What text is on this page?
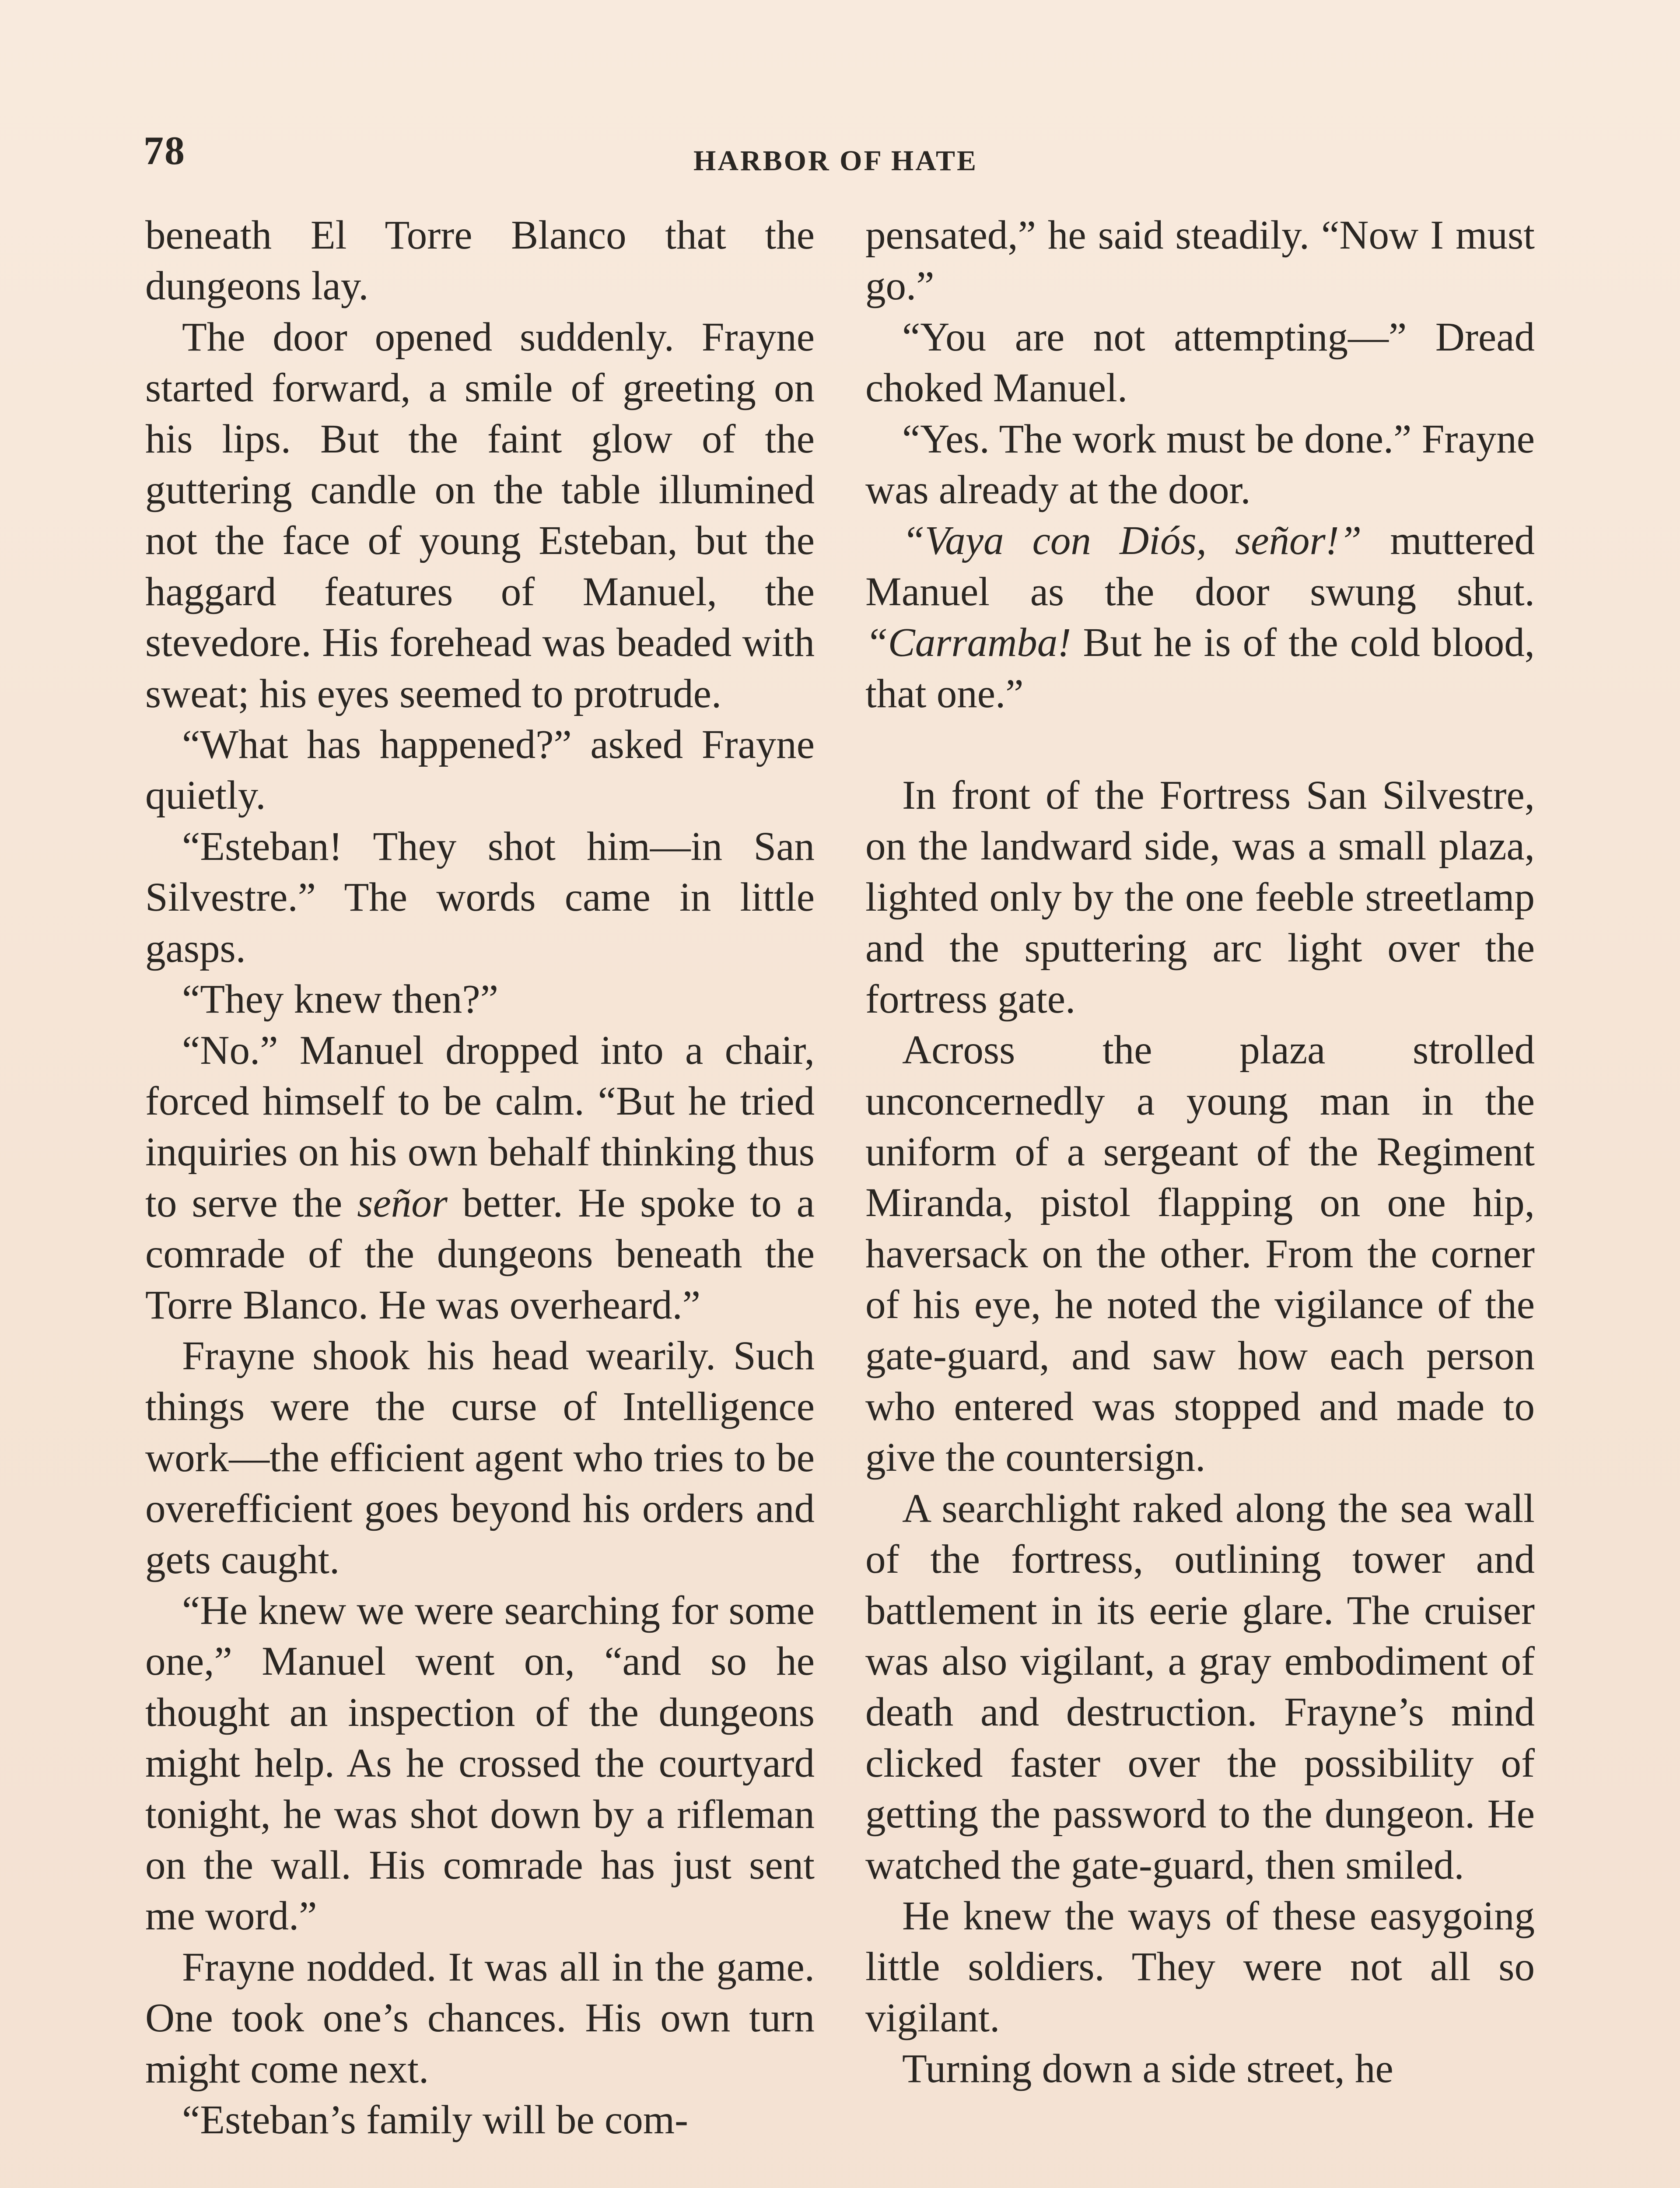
78	HARBOR OF HATE

beneath El Torre Blanco that the dungeons lay.

The door opened suddenly. Frayne started forward, a smile of greeting on his lips. But the faint glow of the guttering candle on the table illumined not the face of young Esteban, but the haggard features of Manuel, the stevedore. His forehead was beaded with sweat; his eyes seemed to protrude.

“What has happened?” asked Frayne quietly.

“Esteban! They shot him—in San Silvestre.” The words came in little gasps.

“They knew then?”

“No.” Manuel dropped into a chair, forced himself to be calm. “But he tried inquiries on his own behalf thinking thus to serve the señor better. He spoke to a comrade of the dungeons beneath the Torre Blanco. He was overheard.”

Frayne shook his head wearily. Such things were the curse of Intelligence work—the efficient agent who tries to be overefficient goes beyond his orders and gets caught.

“He knew we were searching for some one,” Manuel went on, “and so he thought an inspection of the dungeons might help. As he crossed the courtyard tonight, he was shot down by a rifleman on the wall. His comrade has just sent me word.”

Frayne nodded. It was all in the game. One took one’s chances. His own turn might come next.

“Esteban’s family will be com-

pensated,” he said steadily. “Now I must go.”

“You are not attempting—” Dread choked Manuel.

“Yes. The work must be done.” Frayne was already at the door.

“Vaya con Diós, señor!” muttered Manuel as the door swung shut. “Carramba! But he is of the cold blood, that one.”

In front of the Fortress San Silvestre, on the landward side, was a small plaza, lighted only by the one feeble streetlamp and the sputtering arc light over the fortress gate.

Across the plaza strolled unconcernedly a young man in the uniform of a sergeant of the Regiment Miranda, pistol flapping on one hip, haversack on the other. From the corner of his eye, he noted the vigilance of the gate-guard, and saw how each person who entered was stopped and made to give the countersign.

A searchlight raked along the sea wall of the fortress, outlining tower and battlement in its eerie glare. The cruiser was also vigilant, a gray embodiment of death and destruction. Frayne’s mind clicked faster over the possibility of getting the password to the dungeon. He watched the gate-guard, then smiled.

He knew the ways of these easygoing little soldiers. They were not all so vigilant.

Turning down a side street, he
